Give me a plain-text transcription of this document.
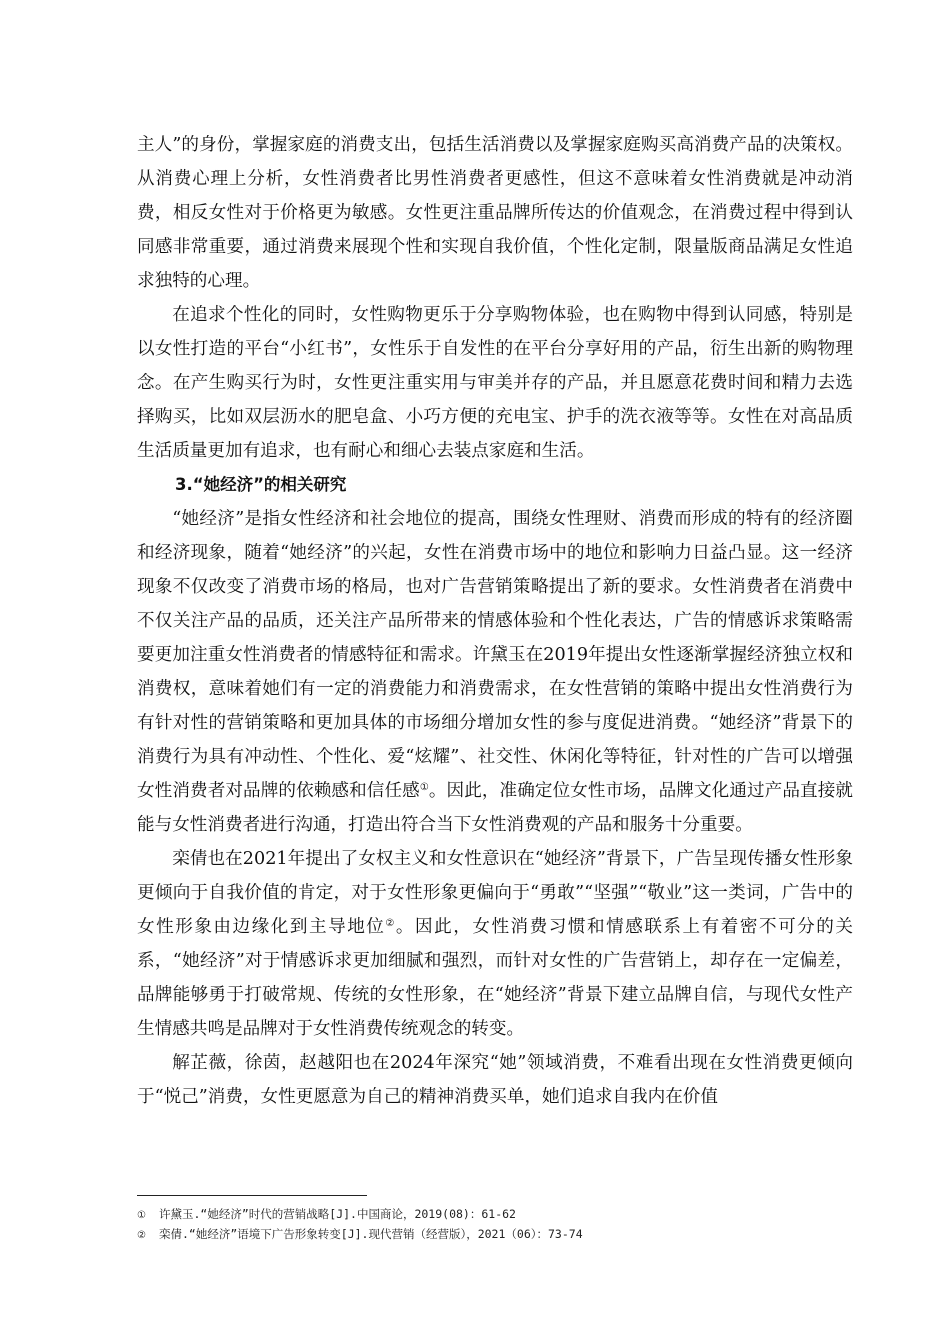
主人”的身份，掌握家庭的消费支出，包括生活消费以及掌握家庭购买高消费产品的决策权。从消费心理上分析，女性消费者比男性消费者更感性，但这不意味着女性消费就是冲动消费，相反女性对于价格更为敏感。女性更注重品牌所传达的价值观念，在消费过程中得到认同感非常重要，通过消费来展现个性和实现自我价值，个性化定制，限量版商品满足女性追求独特的心理。

在追求个性化的同时，女性购物更乐于分享购物体验，也在购物中得到认同感，特别是以女性打造的平台“小红书”，女性乐于自发性的在平台分享好用的产品，衍生出新的购物理念。在产生购买行为时，女性更注重实用与审美并存的产品，并且愿意花费时间和精力去选择购买，比如双层沥水的肥皂盒、小巧方便的充电宝、护手的洗衣液等等。女性在对高品质生活质量更加有追求，也有耐心和细心去装点家庭和生活。

3.“她经济”的相关研究

“她经济”是指女性经济和社会地位的提高，围绕女性理财、消费而形成的特有的经济圈和经济现象，随着“她经济”的兴起，女性在消费市场中的地位和影响力日益凸显。这一经济现象不仅改变了消费市场的格局，也对广告营销策略提出了新的要求。女性消费者在消费中不仅关注产品的品质，还关注产品所带来的情感体验和个性化表达，广告的情感诉求策略需要更加注重女性消费者的情感特征和需求。许黛玉在2019年提出女性逐渐掌握经济独立权和消费权，意味着她们有一定的消费能力和消费需求，在女性营销的策略中提出女性消费行为有针对性的营销策略和更加具体的市场细分增加女性的参与度促进消费。“她经济”背景下的消费行为具有冲动性、个性化、爱“炫耀”、社交性、休闲化等特征，针对性的广告可以增强女性消费者对品牌的依赖感和信任感①。因此，准确定位女性市场，品牌文化通过产品直接就能与女性消费者进行沟通，打造出符合当下女性消费观的产品和服务十分重要。

栾倩也在2021年提出了女权主义和女性意识在“她经济”背景下，广告呈现传播女性形象更倾向于自我价值的肯定，对于女性形象更偏向于“勇敢”“坚强”“敬业”这一类词，广告中的女性形象由边缘化到主导地位②。因此，女性消费习惯和情感联系上有着密不可分的关系，“她经济”对于情感诉求更加细腻和强烈，而针对女性的广告营销上，却存在一定偏差，品牌能够勇于打破常规、传统的女性形象，在“她经济”背景下建立品牌自信，与现代女性产生情感共鸣是品牌对于女性消费传统观念的转变。

解芷薇，徐茵，赵越阳也在2024年深究“她”领域消费，不难看出现在女性消费更倾向于“悦己”消费，女性更愿意为自己的精神消费买单，她们追求自我内在价值

① 许黛玉.“她经济”时代的营销战略[J].中国商论，2019(08)：61-62

② 栾倩.“她经济”语境下广告形象转变[J].现代营销（经营版），2021（06）：73-74
